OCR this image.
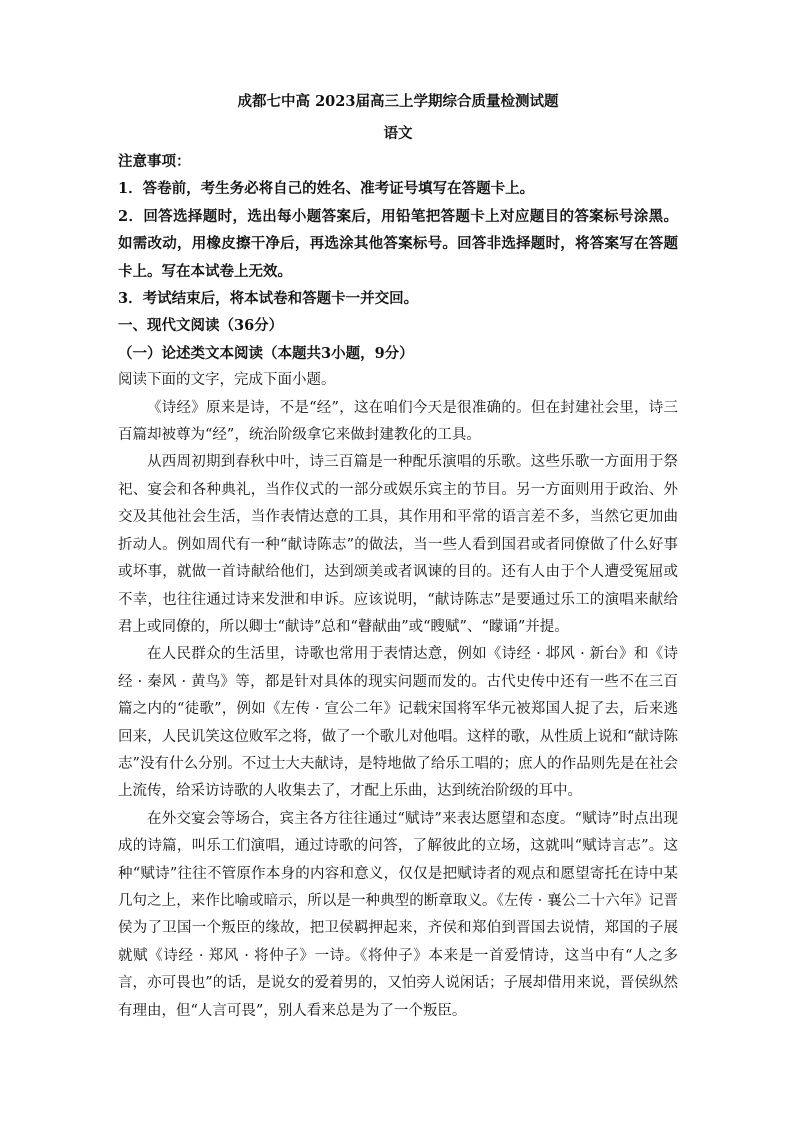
成都七中高 2023届高三上学期综合质量检测试题

语文

注意事项：

1．答卷前，考生务必将自己的姓名、准考证号填写在答题卡上。

2．回答选择题时，选出每小题答案后，用铅笔把答题卡上对应题目的答案标号涂黑。如需改动，用橡皮擦干净后，再选涂其他答案标号。回答非选择题时，将答案写在答题卡上。写在本试卷上无效。

3．考试结束后，将本试卷和答题卡一并交回。

一、现代文阅读（36分）

（一）论述类文本阅读（本题共3小题，9分）

阅读下面的文字，完成下面小题。

《诗经》原来是诗，不是“经”，这在咱们今天是很准确的。但在封建社会里，诗三百篇却被尊为“经”，统治阶级拿它来做封建教化的工具。

从西周初期到春秋中叶，诗三百篇是一种配乐演唱的乐歌。这些乐歌一方面用于祭祀、宴会和各种典礼，当作仪式的一部分或娱乐宾主的节目。另一方面则用于政治、外交及其他社会生活，当作表情达意的工具，其作用和平常的语言差不多，当然它更加曲折动人。例如周代有一种“献诗陈志”的做法，当一些人看到国君或者同僚做了什么好事或坏事，就做一首诗献给他们，达到颂美或者讽谏的目的。还有人由于个人遭受冤屈或不幸，也往往通过诗来发泄和申诉。应该说明，“献诗陈志”是要通过乐工的演唱来献给君上或同僚的，所以卿士“献诗”总和“瞽献曲”或“瞍赋”、“矇诵”并提。

在人民群众的生活里，诗歌也常用于表情达意，例如《诗经 · 邶风 · 新台》和《诗经 · 秦风 · 黄鸟》等，都是针对具体的现实问题而发的。古代史传中还有一些不在三百篇之内的“徒歌”，例如《左传 · 宣公二年》记载宋国将军华元被郑国人捉了去，后来逃回来，人民讥笑这位败军之将，做了一个歌儿对他唱。这样的歌，从性质上说和“献诗陈志”没有什么分别。不过士大夫献诗，是特地做了给乐工唱的；庶人的作品则先是在社会上流传，给采访诗歌的人收集去了，才配上乐曲，达到统治阶级的耳中。

在外交宴会等场合，宾主各方往往通过“赋诗”来表达愿望和态度。“赋诗”时点出现成的诗篇，叫乐工们演唱，通过诗歌的问答，了解彼此的立场，这就叫“赋诗言志”。这种“赋诗”往往不管原作本身的内容和意义，仅仅是把赋诗者的观点和愿望寄托在诗中某几句之上，来作比喻或暗示，所以是一种典型的断章取义。《左传 · 襄公二十六年》记晋侯为了卫国一个叛臣的缘故，把卫侯羁押起来，齐侯和郑伯到晋国去说情，郑国的子展就赋《诗经 · 郑风 · 将仲子》一诗。《将仲子》本来是一首爱情诗，这当中有“人之多言，亦可畏也”的话，是说女的爱着男的，又怕旁人说闲话；子展却借用来说，晋侯纵然有理由，但“人言可畏”，别人看来总是为了一个叛臣。
